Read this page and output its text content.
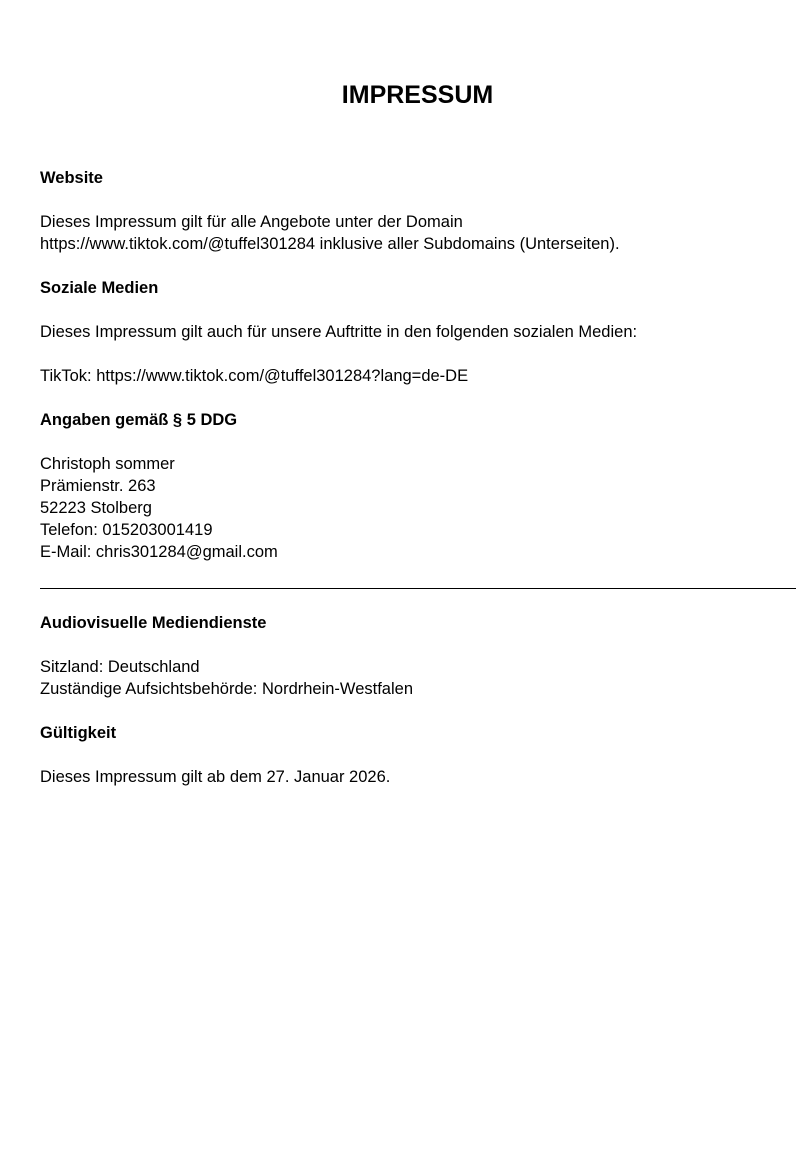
IMPRESSUM
Website
Dieses Impressum gilt für alle Angebote unter der Domain
https://www.tiktok.com/@tuffel301284 inklusive aller Subdomains (Unterseiten).
Soziale Medien
Dieses Impressum gilt auch für unsere Auftritte in den folgenden sozialen Medien:
TikTok: https://www.tiktok.com/@tuffel301284?lang=de-DE
Angaben gemäß § 5 DDG
Christoph sommer
Prämienstr. 263
52223 Stolberg
Telefon: 015203001419
E-Mail: chris301284@gmail.com
Audiovisuelle Mediendienste
Sitzland: Deutschland
Zuständige Aufsichtsbehörde: Nordrhein-Westfalen
Gültigkeit
Dieses Impressum gilt ab dem 27. Januar 2026.
